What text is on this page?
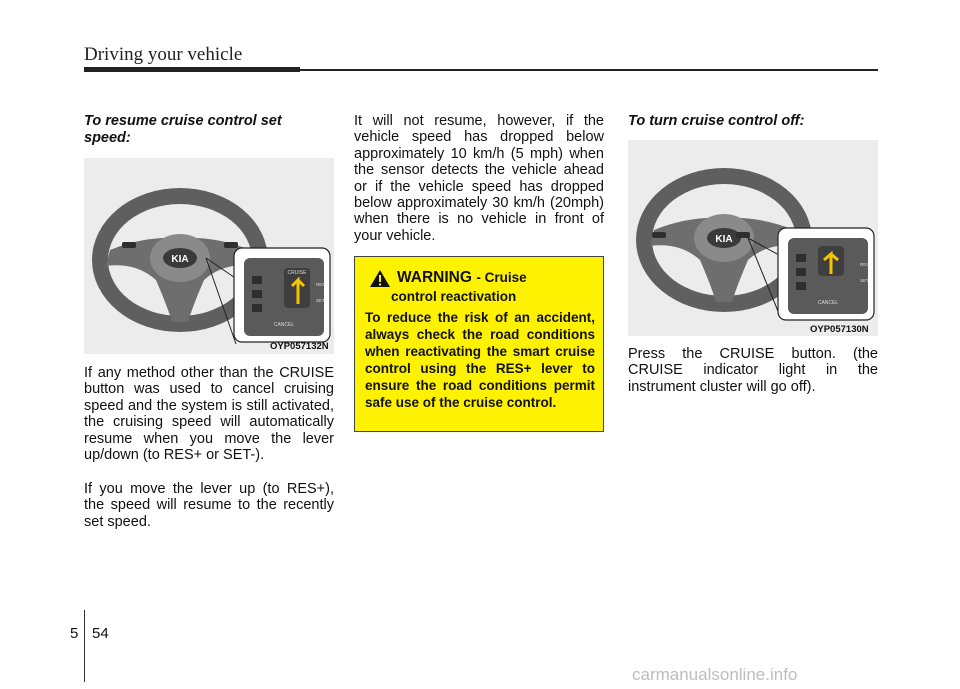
Driving your vehicle
To resume cruise control set speed:
KIA
CRUISE
RES
SET
CANCEL
OYP057132N
If any method other than the CRUISE button was used to cancel cruising speed and the system is still activated, the cruising speed will automatically resume when you move the lever up/down (to RES+ or SET-).
If you move the lever up (to RES+), the speed will resume to the recently set speed.
It will not resume, however, if the vehicle speed has dropped below approximately 10 km/h (5 mph) when the sensor detects the vehicle ahead or if the vehicle speed has dropped below approximately 30 km/h (20mph) when there is no vehicle in front of your vehicle.
WARNING - Cruise
control reactivation
To reduce the risk of an accident, always check the road conditions when reactivating the smart cruise control using the RES+ lever to ensure the road conditions permit safe use of the cruise control.
To turn cruise control off:
KIA
RES
SET
CANCEL
OYP057130N
Press the CRUISE button. (the CRUISE indicator light in the instrument cluster will go off).
5 54
carmanualsonline.info
